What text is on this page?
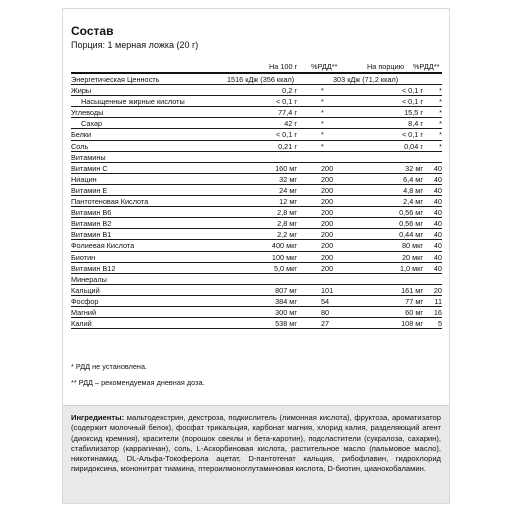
Состав
Порция: 1 мерная ложка (20 г)
На 100 г %РДД**	На порцию %РДД**
Энергетическая Ценность	1516 кДж (356 ккал)	303 кДж (71,2 ккал)
Жиры	0,2 г	*	< 0,1 г *
Насыщенные жирные кислоты	< 0,1 г	*	< 0,1 г *
Углеводы	77,4 г	*	15,5 г *
Сахар	42 г	*	8,4 г *
Белки	< 0,1 г	*	< 0,1 г *
Соль	0,21 г	*	0,04 г *
Витамины
Витамин С	160 мг	200	32 мг 40
Ниацин	32 мг	200	6,4 мг 40
Витамин Е	24 мг	200	4,8 мг 40
Пантотеновая Кислота	12 мг	200	2,4 мг 40
Витамин В6	2,8 мг	200	0,56 мг 40
Витамин В2	2,8 мг	200	0,56 мг 40
Витамин В1	2,2 мг	200	0,44 мг 40
Фолиевая Кислота	400 мкг	200	80 мкг 40
Биотин	100 мкг	200	20 мкг 40
Витамин В12	5,0 мкг	200	1,0 мкг 40
Минералы
Кальций	807 мг	101	161 мг 20
Фосфор	384 мг	54	77 мг 11
Магний	300 мг	80	60 мг 16
Калий	538 мг	27	108 мг 5
* РДД не установлена.
** РДД – рекомендуемая дневная доза.
Ингредиенты: мальтодекстрин, декстроза, подкислитель (лимонная кислота), фруктоза, ароматизатор (содержит молочный белок), фосфат трикальция, карбонат магния, хлорид калия, разделяющий агент (диоксид кремния), красители (порошок свеклы и бета-каротин), подсластители (сукралоза, сахарин), стабилизатор (каррагинан), соль, L-Аскорбиновая кислота, растительное масло (пальмовое масло), никотинамид, DL-Альфа-Токоферола ацетат, D-пантотенат кальция, рибофлавин, гидрохлорид пиридоксина, мононитрат тиамина, птероилмоноглутаминовая кислота, D-биотин, цианокобаламин.
